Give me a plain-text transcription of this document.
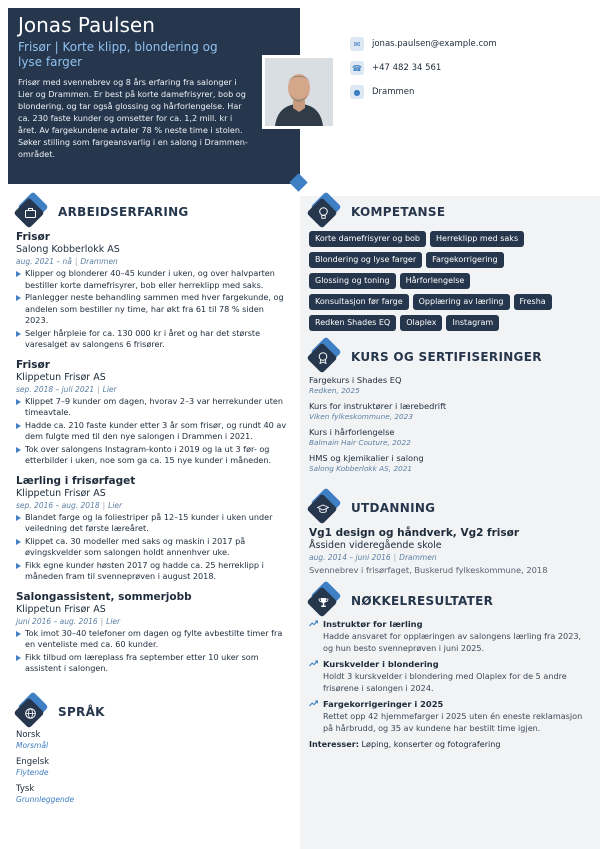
Jonas Paulsen
Frisør | Korte klipp, blondering og lyse farger
Frisør med svennebrev og 8 års erfaring fra salonger i Lier og Drammen. Er best på korte damefrisyrer, bob og blondering, og tar også glossing og hårforlengelse. Har ca. 230 faste kunder og omsetter for ca. 1,2 mill. kr i året. Av fargekundene avtaler 78 % neste time i stolen. Søker stilling som fargeansvarlig i en salong i Drammen-området.
✉	jonas.paulsen@example.com
☎ +47 482 34 561
●	Drammen
ARBEIDSERFARING
Frisør
Salong Kobberlokk AS
aug. 2021 – nå | Drammen
Klipper og blonderer 40–45 kunder i uken, og over halvparten bestiller korte damefrisyrer, bob eller herreklipp med saks.
Planlegger neste behandling sammen med hver fargekunde, og andelen som bestiller ny time, har økt fra 61 til 78 % siden 2023.
Selger hårpleie for ca. 130 000 kr i året og har det største varesalget av salongens 6 frisører.
Frisør
Klippetun Frisør AS
sep. 2018 – juli 2021 | Lier
Klippet 7–9 kunder om dagen, hvorav 2–3 var herrekunder uten timeavtale.
Hadde ca. 210 faste kunder etter 3 år som frisør, og rundt 40 av dem fulgte med til den nye salongen i Drammen i 2021.
Tok over salongens Instagram-konto i 2019 og la ut 3 før- og etterbilder i uken, noe som ga ca. 15 nye kunder i måneden.
Lærling i frisørfaget
Klippetun Frisør AS
sep. 2016 – aug. 2018 | Lier
Blandet farge og la foliestriper på 12–15 kunder i uken under veiledning det første læreåret.
Klippet ca. 30 modeller med saks og maskin i 2017 på øvingskvelder som salongen holdt annenhver uke.
Fikk egne kunder høsten 2017 og hadde ca. 25 herreklipp i måneden fram til svenneprøven i august 2018.
Salongassistent, sommerjobb
Klippetun Frisør AS
juni 2016 – aug. 2016 | Lier
Tok imot 30–40 telefoner om dagen og fylte avbestilte timer fra en venteliste med ca. 60 kunder.
Fikk tilbud om læreplass fra september etter 10 uker som assistent i salongen.
SPRÅK
Norsk
Morsmål
Engelsk
Flytende
Tysk
Grunnleggende
KOMPETANSE
Korte damefrisyrer og bob	Herreklipp med saks
Blondering og lyse farger	Fargekorrigering
Glossing og toning	Hårforlengelse
Konsultasjon før farge	Opplæring av lærling	Fresha
Redken Shades EQ	Olaplex	Instagram
KURS OG SERTIFISERINGER
Fargekurs i Shades EQ
Redken, 2025
Kurs for instruktører i lærebedrift
Viken fylkeskommune, 2023
Kurs i hårforlengelse
Balmain Hair Couture, 2022
HMS og kjemikalier i salong
Salong Kobberlokk AS, 2021
UTDANNING
Vg1 design og håndverk, Vg2 frisør
Åssiden videregående skole
aug. 2014 – juni 2016 | Drammen
Svennebrev i frisørfaget, Buskerud fylkeskommune, 2018
NØKKELRESULTATER
Instruktør for lærling
Hadde ansvaret for opplæringen av salongens lærling fra 2023, og hun besto svenneprøven i juni 2025.
Kurskvelder i blondering
Holdt 3 kurskvelder i blondering med Olaplex for de 5 andre frisørene i salongen i 2024.
Fargekorrigeringer i 2025
Rettet opp 42 hjemmefarger i 2025 uten én eneste reklamasjon på hårbrudd, og 35 av kundene har bestilt time igjen.
Interesser: Løping, konserter og fotografering
